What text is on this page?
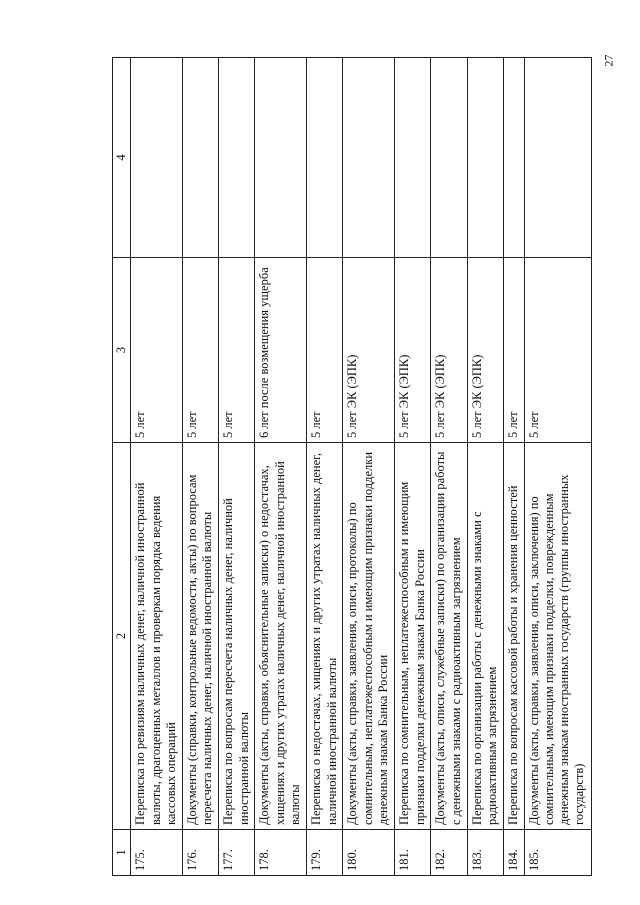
27
1	2	3	4
175.	Переписка по ревизиям наличных денег, наличной иностранной валюты, драгоценных металлов и проверкам порядка ведения кассовых операций	5 лет	
176.	Документы (справки, контрольные ведомости, акты) по вопросам пересчета наличных денег, наличной иностранной валюты	5 лет	
177.	Переписка по вопросам пересчета наличных денег, наличной иностранной валюты	5 лет	
178.	Документы (акты, справки, объяснительные записки) о недостачах, хищениях и других утратах наличных денег, наличной иностранной валюты	6 лет после возмещения ущерба	
179.	Переписка о недостачах, хищениях и других утратах наличных денег, наличной иностранной валюты	5 лет	
180.	Документы (акты, справки, заявления, описи, протоколы) по сомнительным, неплатежеспособным и имеющим признаки подделки денежным знакам Банка России	5 лет ЭК (ЭПК)	
181.	Переписка по сомнительным, неплатежеспособным и имеющим признаки подделки денежным знакам Банка России	5 лет ЭК (ЭПК)	
182.	Документы (акты, описи, служебные записки) по организации работы с денежными знаками с радиоактивным загрязнением	5 лет ЭК (ЭПК)	
183.	Переписка по организации работы с денежными знаками с радиоактивным загрязнением	5 лет ЭК (ЭПК)	
184.	Переписка по вопросам кассовой работы и хранения ценностей	5 лет	
185.	Документы (акты, справки, заявления, описи, заключения) по сомнительным, имеющим признаки подделки, поврежденным денежным знакам иностранных государств (группы иностранных государств)	5 лет	
